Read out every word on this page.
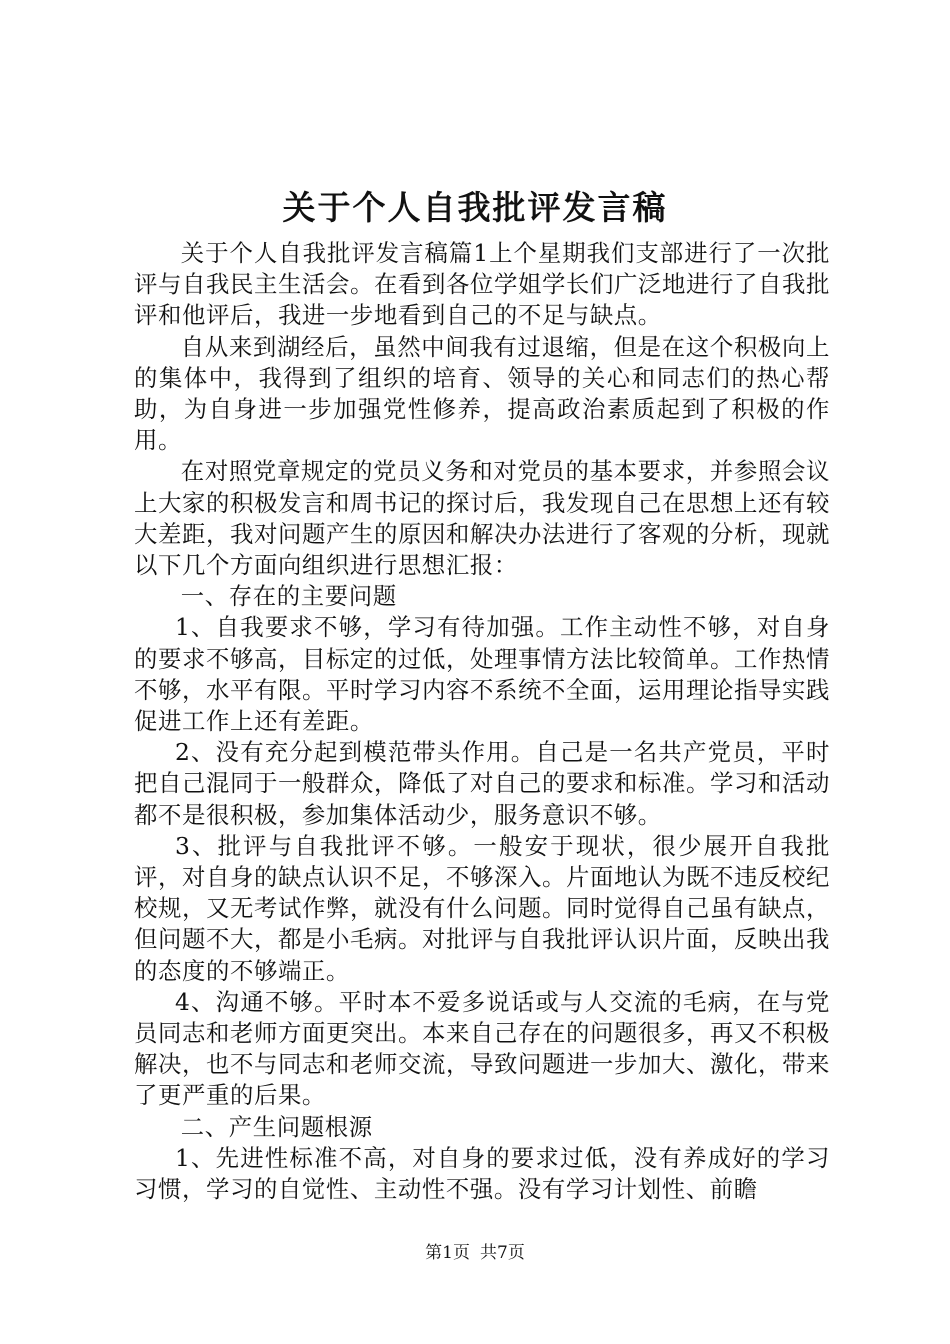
关于个人自我批评发言稿

关于个人自我批评发言稿篇1上个星期我们支部进行了一次批评与自我民主生活会。在看到各位学姐学长们广泛地进行了自我批评和他评后，我进一步地看到自己的不足与缺点。

自从来到湖经后，虽然中间我有过退缩，但是在这个积极向上的集体中，我得到了组织的培育、领导的关心和同志们的热心帮助，为自身进一步加强党性修养，提高政治素质起到了积极的作用。

在对照党章规定的党员义务和对党员的基本要求，并参照会议上大家的积极发言和周书记的探讨后，我发现自己在思想上还有较大差距，我对问题产生的原因和解决办法进行了客观的分析，现就以下几个方面向组织进行思想汇报：

一、存在的主要问题

1、自我要求不够，学习有待加强。工作主动性不够，对自身的要求不够高，目标定的过低，处理事情方法比较简单。工作热情不够，水平有限。平时学习内容不系统不全面，运用理论指导实践促进工作上还有差距。

2、没有充分起到模范带头作用。自己是一名共产党员，平时把自己混同于一般群众，降低了对自己的要求和标准。学习和活动都不是很积极，参加集体活动少，服务意识不够。

3、批评与自我批评不够。一般安于现状，很少展开自我批评，对自身的缺点认识不足，不够深入。片面地认为既不违反校纪校规，又无考试作弊，就没有什么问题。同时觉得自己虽有缺点，但问题不大，都是小毛病。对批评与自我批评认识片面，反映出我的态度的不够端正。

4、沟通不够。平时本不爱多说话或与人交流的毛病，在与党员同志和老师方面更突出。本来自己存在的问题很多，再又不积极解决，也不与同志和老师交流，导致问题进一步加大、激化，带来了更严重的后果。

二、产生问题根源

1、先进性标准不高，对自身的要求过低，没有养成好的学习习惯，学习的自觉性、主动性不强。没有学习计划性、前瞻

第1页 共7页
